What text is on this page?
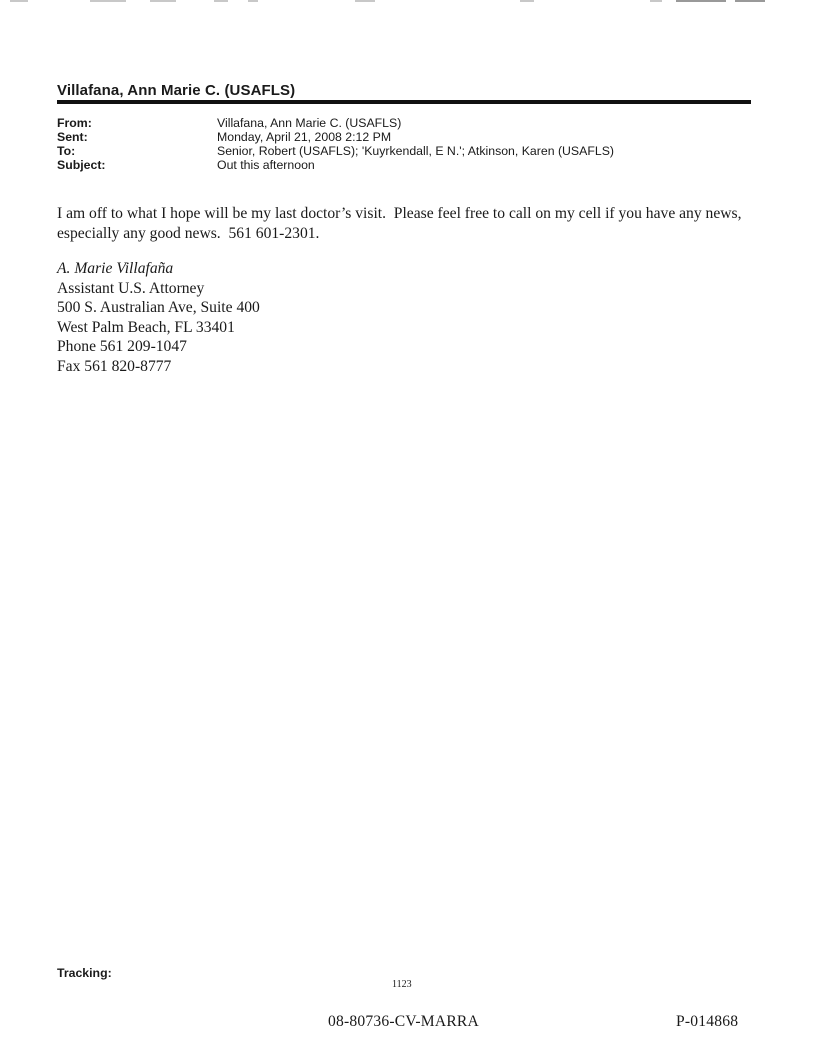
Villafana, Ann Marie C. (USAFLS)
From:	Villafana, Ann Marie C. (USAFLS)
Sent:	Monday, April 21, 2008 2:12 PM
To:	Senior, Robert (USAFLS); 'Kuyrkendall, E N.'; Atkinson, Karen (USAFLS)
Subject:	Out this afternoon
I am off to what I hope will be my last doctor’s visit.  Please feel free to call on my cell if you have any news,
especially any good news.  561 601-2301.
A. Marie Villafaña
Assistant U.S. Attorney
500 S. Australian Ave, Suite 400
West Palm Beach, FL 33401
Phone 561 209-1047
Fax 561 820-8777
Tracking:
1123
08-80736-CV-MARRA	P-014868
